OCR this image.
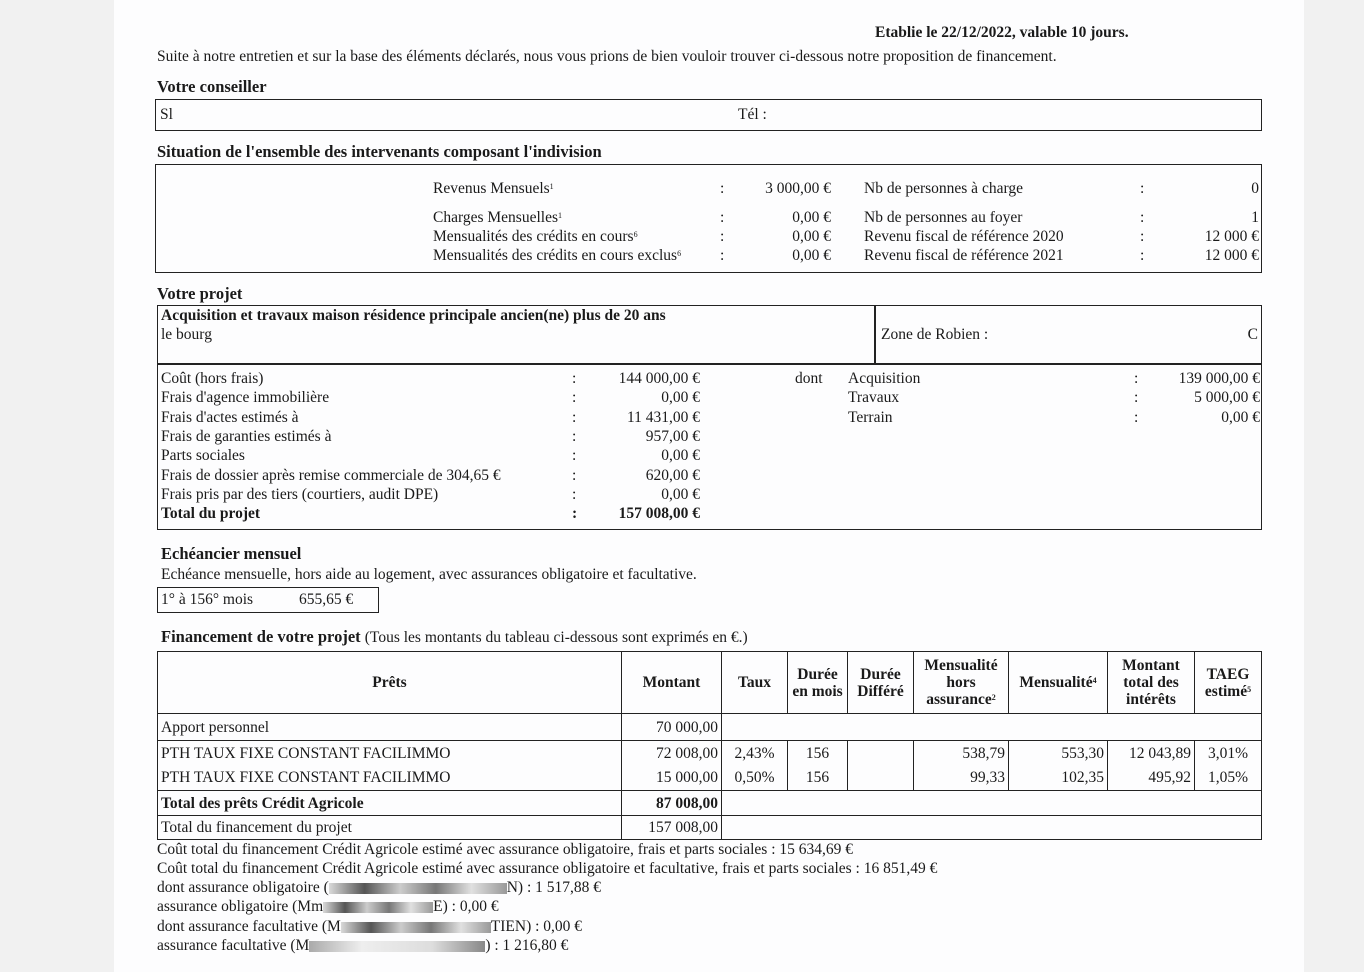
Etablie le 22/12/2022, valable 10 jours.
Suite à notre entretien et sur la base des éléments déclarés, nous vous prions de bien vouloir trouver ci-dessous notre proposition de financement.
Votre conseiller
Sl	Tél :
Situation de l'ensemble des intervenants composant l'indivision
Revenus Mensuels$^1$	:	3 000,00 €
Charges Mensuelles$^1$	:	0,00 €
Mensualités des crédits en cours$^6$	:	0,00 €
Mensualités des crédits en cours exclus$^6$	:	0,00 €
Nb de personnes à charge	:	0
Nb de personnes au foyer	:	1
Revenu fiscal de référence 2020	:	12 000 €
Revenu fiscal de référence 2021	:	12 000 €
Votre projet
Acquisition et travaux maison résidence principale ancien(ne) plus de 20 ans
le bourg	Zone de Robien :	C
Coût (hors frais)	:	144 000,00 €
Frais d'agence immobilière	:	0,00 €
Frais d'actes estimés à	:	11 431,00 €
Frais de garanties estimés à	:	957,00 €
Parts sociales	:	0,00 €
Frais de dossier après remise commerciale de 304,65 €	:	620,00 €
Frais pris par des tiers (courtiers, audit DPE)	:	0,00 €
Total du projet	:	157 008,00 €
dont Acquisition	:	139 000,00 €
Travaux	:	5 000,00 €
Terrain	:	0,00 €
Echéancier mensuel
Echéance mensuelle, hors aide au logement, avec assurances obligatoire et facultative.
1° à 156° mois	655,65 €
Financement de votre projet (Tous les montants du tableau ci-dessous sont exprimés en €.)
Prêts	Montant	Taux	Durée en mois	Durée Différé	Mensualité hors assurance$^2$	Mensualité$^4$	Montant total des intérêts	TAEG estimé$^5$
Apport personnel	70 000,00							
PTH TAUX FIXE CONSTANT FACILIMMO	72 008,00	2,43%	156		538,79	553,30	12 043,89	3,01%
PTH TAUX FIXE CONSTANT FACILIMMO	15 000,00	0,50%	156		99,33	102,35	495,92	1,05%
Total des prêts Crédit Agricole	87 008,00							
Total du financement du projet	157 008,00							
Coût total du financement Crédit Agricole estimé avec assurance obligatoire, frais et parts sociales : 15 634,69 €
Coût total du financement Crédit Agricole estimé avec assurance obligatoire et facultative, frais et parts sociales : 16 851,49 €
dont assurance obligatoire (	N) : 1 517,88 €
assurance obligatoire (Mm	E) : 0,00 €
dont assurance facultative (M	TIEN) : 0,00 €
assurance facultative (M	) : 1 216,80 €
